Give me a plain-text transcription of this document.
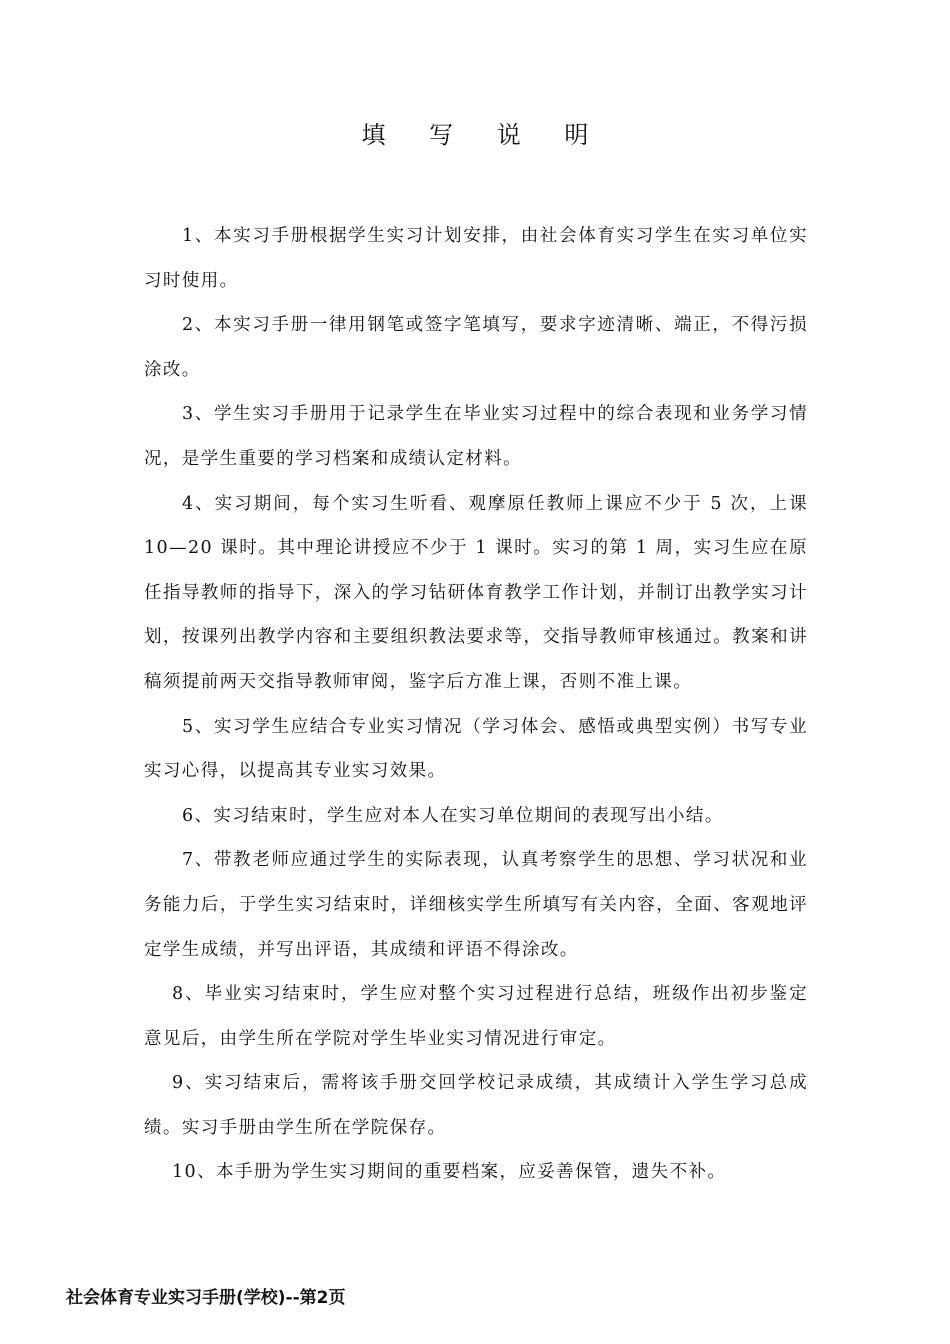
填 写 说 明

1、本实习手册根据学生实习计划安排，由社会体育实习学生在实习单位实习时使用。

2、本实习手册一律用钢笔或签字笔填写，要求字迹清晰、端正，不得污损涂改。

3、学生实习手册用于记录学生在毕业实习过程中的综合表现和业务学习情况，是学生重要的学习档案和成绩认定材料。

4、实习期间，每个实习生听看、观摩原任教师上课应不少于 5 次，上课 10—20 课时。其中理论讲授应不少于 1 课时。实习的第 1 周，实习生应在原任指导教师的指导下，深入的学习钻研体育教学工作计划，并制订出教学实习计划，按课列出教学内容和主要组织教法要求等，交指导教师审核通过。教案和讲稿须提前两天交指导教师审阅，鉴字后方准上课，否则不准上课。

5、实习学生应结合专业实习情况（学习体会、感悟或典型实例）书写专业实习心得，以提高其专业实习效果。

6、实习结束时，学生应对本人在实习单位期间的表现写出小结。

7、带教老师应通过学生的实际表现，认真考察学生的思想、学习状况和业务能力后，于学生实习结束时，详细核实学生所填写有关内容，全面、客观地评定学生成绩，并写出评语，其成绩和评语不得涂改。

8、毕业实习结束时，学生应对整个实习过程进行总结，班级作出初步鉴定意见后，由学生所在学院对学生毕业实习情况进行审定。

9、实习结束后，需将该手册交回学校记录成绩，其成绩计入学生学习总成绩。实习手册由学生所在学院保存。

10、本手册为学生实习期间的重要档案，应妥善保管，遗失不补。

社会体育专业实习手册(学校)--第2页
